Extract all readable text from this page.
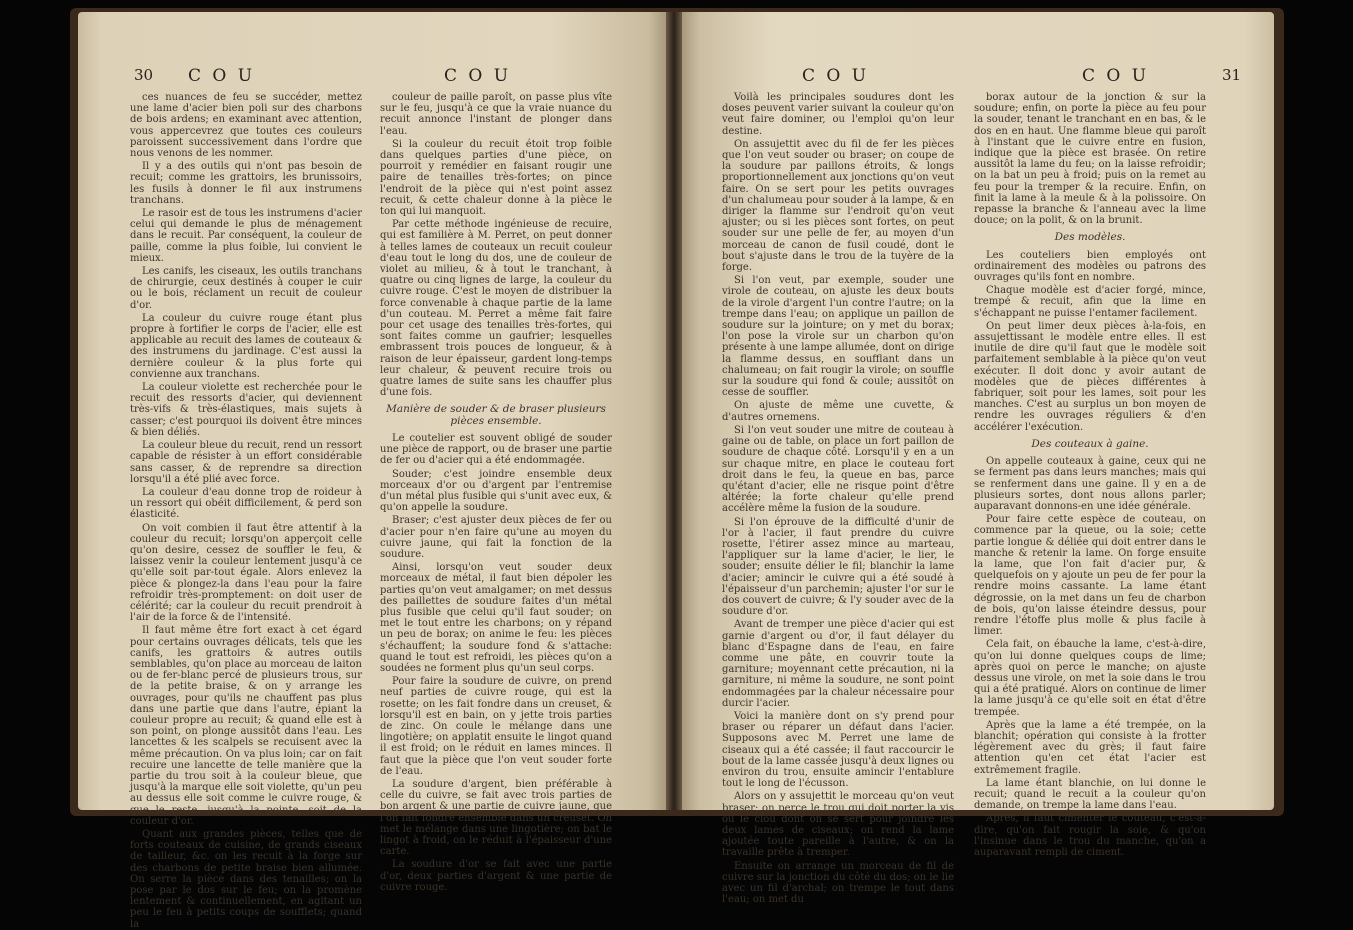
30 C O U	C O U

ces nuances de feu se succéder, mettez une lame d'acier bien poli sur des charbons de bois ardens; en examinant avec attention, vous appercevrez que toutes ces couleurs paroissent successivement dans l'ordre que nous venons de les nommer.

Il y a des outils qui n'ont pas besoin de recuit; comme les grattoirs, les brunissoirs, les fusils à donner le fil aux instrumens tranchans.

Le rasoir est de tous les instrumens d'acier celui qui demande le plus de ménagement dans le recuit. Par conséquent, la couleur de paille, comme la plus foible, lui convient le mieux.

Les canifs, les ciseaux, les outils tranchans de chirurgie, ceux destinés à couper le cuir ou le bois, réclament un recuit de couleur d'or.

La couleur du cuivre rouge étant plus propre à fortifier le corps de l'acier, elle est applicable au recuit des lames de couteaux & des instrumens du jardinage. C'est aussi la dernière couleur & la plus forte qui convienne aux tranchans.

La couleur violette est recherchée pour le recuit des ressorts d'acier, qui deviennent très-vifs & très-élastiques, mais sujets à casser; c'est pourquoi ils doivent être minces & bien déliés.

La couleur bleue du recuit, rend un ressort capable de résister à un effort considérable sans casser, & de reprendre sa direction lorsqu'il a été plié avec force.

La couleur d'eau donne trop de roideur à un ressort qui obéit difficilement, & perd son élasticité.

On voit combien il faut être attentif à la couleur du recuit; lorsqu'on apperçoit celle qu'on desire, cessez de souffler le feu, & laissez venir la couleur lentement jusqu'à ce qu'elle soit par-tout égale. Alors enlevez la pièce & plongez-la dans l'eau pour la faire refroidir très-promptement: on doit user de célérité; car la couleur du recuit prendroit à l'air de la force & de l'intensité.

Il faut même être fort exact à cet égard pour certains ouvrages délicats, tels que les canifs, les grattoirs & autres outils semblables, qu'on place au morceau de laiton ou de fer-blanc percé de plusieurs trous, sur de la petite braise, & on y arrange les ouvrages, pour qu'ils ne chauffent pas plus dans une partie que dans l'autre, épiant la couleur propre au recuit; & quand elle est à son point, on plonge aussitôt dans l'eau. Les lancettes & les scalpels se recuisent avec la même précaution. On va plus loin; car on fait recuire une lancette de telle manière que la partie du trou soit à la couleur bleue, que jusqu'à la marque elle soit violette, qu'un peu au dessus elle soit comme le cuivre rouge, & que le reste, jusqu'à la pointe, soit de la couleur d'or.

Quant aux grandes pièces, telles que de forts couteaux de cuisine, de grands ciseaux de tailleur, &c. on les recuit à la forge sur des charbons de petite braise bien allumée. On serre la pièce dans des tenailles; on la pose par le dos sur le feu; on la promène lentement & continuellement, en agitant un peu le feu à petits coups de soufflets; quand la

couleur de paille paroît, on passe plus vîte sur le feu, jusqu'à ce que la vraie nuance du recuit annonce l'instant de plonger dans l'eau.

Si la couleur du recuit étoit trop foible dans quelques parties d'une pièce, on pourroit y remédier en faisant rougir une paire de tenailles très-fortes; on pince l'endroit de la pièce qui n'est point assez recuit, & cette chaleur donne à la pièce le ton qui lui manquoit.

Par cette méthode ingénieuse de recuire, qui est familière à M. Perret, on peut donner à telles lames de couteaux un recuit couleur d'eau tout le long du dos, une de couleur de violet au milieu, & à tout le tranchant, à quatre ou cinq lignes de large, la couleur du cuivre rouge. C'est le moyen de distribuer la force convenable à chaque partie de la lame d'un couteau. M. Perret a même fait faire pour cet usage des tenailles très-fortes, qui sont faites comme un gaufrier; lesquelles embrassent trois pouces de longueur, & à raison de leur épaisseur, gardent long-temps leur chaleur, & peuvent recuire trois ou quatre lames de suite sans les chauffer plus d'une fois.

Manière de souder & de braser plusieurs pièces ensemble.

Le coutelier est souvent obligé de souder une pièce de rapport, ou de braser une partie de fer ou d'acier qui a été endommagée.

Souder; c'est joindre ensemble deux morceaux d'or ou d'argent par l'entremise d'un métal plus fusible qui s'unit avec eux, & qu'on appelle la soudure.

Braser; c'est ajuster deux pièces de fer ou d'acier pour n'en faire qu'une au moyen du cuivre jaune, qui fait la fonction de la soudure.

Ainsi, lorsqu'on veut souder deux morceaux de métal, il faut bien dépoler les parties qu'on veut amalgamer; on met dessus des paillettes de soudure faites d'un métal plus fusible que celui qu'il faut souder; on met le tout entre les charbons; on y répand un peu de borax; on anime le feu: les pièces s'échauffent; la soudure fond & s'attache: quand le tout est refroidi, les pièces qu'on a soudées ne forment plus qu'un seul corps.

Pour faire la soudure de cuivre, on prend neuf parties de cuivre rouge, qui est la rosette; on les fait fondre dans un creuset, & lorsqu'il est en bain, on y jette trois parties de zinc. On coule le mélange dans une lingotière; on applatit ensuite le lingot quand il est froid; on le réduit en lames minces. Il faut que la pièce que l'on veut souder forte de l'eau.

La soudure d'argent, bien préférable à celle du cuivre, se fait avec trois parties de bon argent & une partie de cuivre jaune, que l'on fait fondre ensemble dans un creuset. On met le mélange dans une lingotière; on bat le lingot à froid, on le réduit à l'épaisseur d'une carte.

La soudure d'or se fait avec une partie d'or, deux parties d'argent & une partie de cuivre rouge.

C O U	C O U	31

Voilà les principales soudures dont les doses peuvent varier suivant la couleur qu'on veut faire dominer, ou l'emploi qu'on leur destine.

On assujettit avec du fil de fer les pièces que l'on veut souder ou braser; on coupe de la soudure par paillons étroits, & longs proportionnellement aux jonctions qu'on veut faire. On se sert pour les petits ouvrages d'un chalumeau pour souder à la lampe, & en diriger la flamme sur l'endroit qu'on veut ajuster; ou si les pièces sont fortes, on peut souder sur une pelle de fer, au moyen d'un morceau de canon de fusil coudé, dont le bout s'ajuste dans le trou de la tuyère de la forge.

Si l'on veut, par exemple, souder une virole de couteau, on ajuste les deux bouts de la virole d'argent l'un contre l'autre; on la trempe dans l'eau; on applique un paillon de soudure sur la jointure; on y met du borax; l'on pose la virole sur un charbon qu'on présente à une lampe allumée, dont on dirige la flamme dessus, en soufflant dans un chalumeau; on fait rougir la virole; on souffle sur la soudure qui fond & coule; aussitôt on cesse de souffler.

On ajuste de même une cuvette, & d'autres ornemens.

Si l'on veut souder une mitre de couteau à gaine ou de table, on place un fort paillon de soudure de chaque côté. Lorsqu'il y en a un sur chaque mitre, en place le couteau fort droit dans le feu, la queue en bas, parce qu'étant d'acier, elle ne risque point d'être altérée; la forte chaleur qu'elle prend accélère même la fusion de la soudure.

Si l'on éprouve de la difficulté d'unir de l'or à l'acier, il faut prendre du cuivre rosette, l'étirer assez mince au marteau, l'appliquer sur la lame d'acier, le lier, le souder; ensuite délier le fil; blanchir la lame d'acier; amincir le cuivre qui a été soudé à l'épaisseur d'un parchemin; ajuster l'or sur le dos couvert de cuivre; & l'y souder avec de la soudure d'or.

Avant de tremper une pièce d'acier qui est garnie d'argent ou d'or, il faut délayer du blanc d'Espagne dans de l'eau, en faire comme une pâte, en couvrir toute la garniture; moyennant cette précaution, ni la garniture, ni même la soudure, ne sont point endommagées par la chaleur nécessaire pour durcir l'acier.

Voici la manière dont on s'y prend pour braser ou réparer un défaut dans l'acier. Supposons avec M. Perret une lame de ciseaux qui a été cassée; il faut raccourcir le bout de la lame cassée jusqu'à deux lignes ou environ du trou, ensuite amincir l'entablure tout le long de l'écusson.

Alors on y assujettit le morceau qu'on veut braser; on perce le trou qui doit porter la vis ou le clou dont on se sert pour joindre les deux lames de ciseaux; on rend la lame ajoutée toute pareille à l'autre, & on la travaille prête à tremper.

Ensuite on arrange un morceau de fil de cuivre sur la jonction du côté du dos; on le lie avec un fil d'archal; on trempe le tout dans l'eau; on met du

borax autour de la jonction & sur la soudure; enfin, on porte la pièce au feu pour la souder, tenant le tranchant en en bas, & le dos en en haut. Une flamme bleue qui paroît à l'instant que le cuivre entre en fusion, indique que la pièce est brasée. On retire aussitôt la lame du feu; on la laisse refroidir; on la bat un peu à froid; puis on la remet au feu pour la tremper & la recuire. Enfin, on finit la lame à la meule & à la polissoire. On repasse la branche & l'anneau avec la lime douce; on la polit, & on la brunit.

Des modèles.

Les couteliers bien employés ont ordinairement des modèles ou patrons des ouvrages qu'ils font en nombre.

Chaque modèle est d'acier forgé, mince, trempé & recuit, afin que la lime en s'échappant ne puisse l'entamer facilement.

On peut limer deux pièces à-la-fois, en assujettissant le modèle entre elles. Il est inutile de dire qu'il faut que le modèle soit parfaitement semblable à la pièce qu'on veut exécuter. Il doit donc y avoir autant de modèles que de pièces différentes à fabriquer, soit pour les lames, soit pour les manches. C'est au surplus un bon moyen de rendre les ouvrages réguliers & d'en accélérer l'exécution.

Des couteaux à gaine.

On appelle couteaux à gaine, ceux qui ne se ferment pas dans leurs manches; mais qui se renferment dans une gaine. Il y en a de plusieurs sortes, dont nous allons parler; auparavant donnons-en une idée générale.

Pour faire cette espèce de couteau, on commence par la queue, ou la soie; cette partie longue & déliée qui doit entrer dans le manche & retenir la lame. On forge ensuite la lame, que l'on fait d'acier pur, & quelquefois on y ajoute un peu de fer pour la rendre moins cassante. La lame étant dégrossie, on la met dans un feu de charbon de bois, qu'on laisse éteindre dessus, pour rendre l'étoffe plus molle & plus facile à limer.

Cela fait, on ébauche la lame, c'est-à-dire, qu'on lui donne quelques coups de lime; après quoi on perce le manche; on ajuste dessus une virole, on met la soie dans le trou qui a été pratiqué. Alors on continue de limer la lame jusqu'à ce qu'elle soit en état d'être trempée.

Après que la lame a été trempée, on la blanchit; opération qui consiste à la frotter légèrement avec du grès; il faut faire attention qu'en cet état l'acier est extrêmement fragile.

La lame étant blanchie, on lui donne le recuit; quand le recuit a la couleur qu'on demande, on trempe la lame dans l'eau.

Après, il faut cimenter le couteau, c'est-à-dire, qu'on fait rougir la soie, & qu'on l'insinue dans le trou du manche, qu'on a auparavant rempli de ciment.
